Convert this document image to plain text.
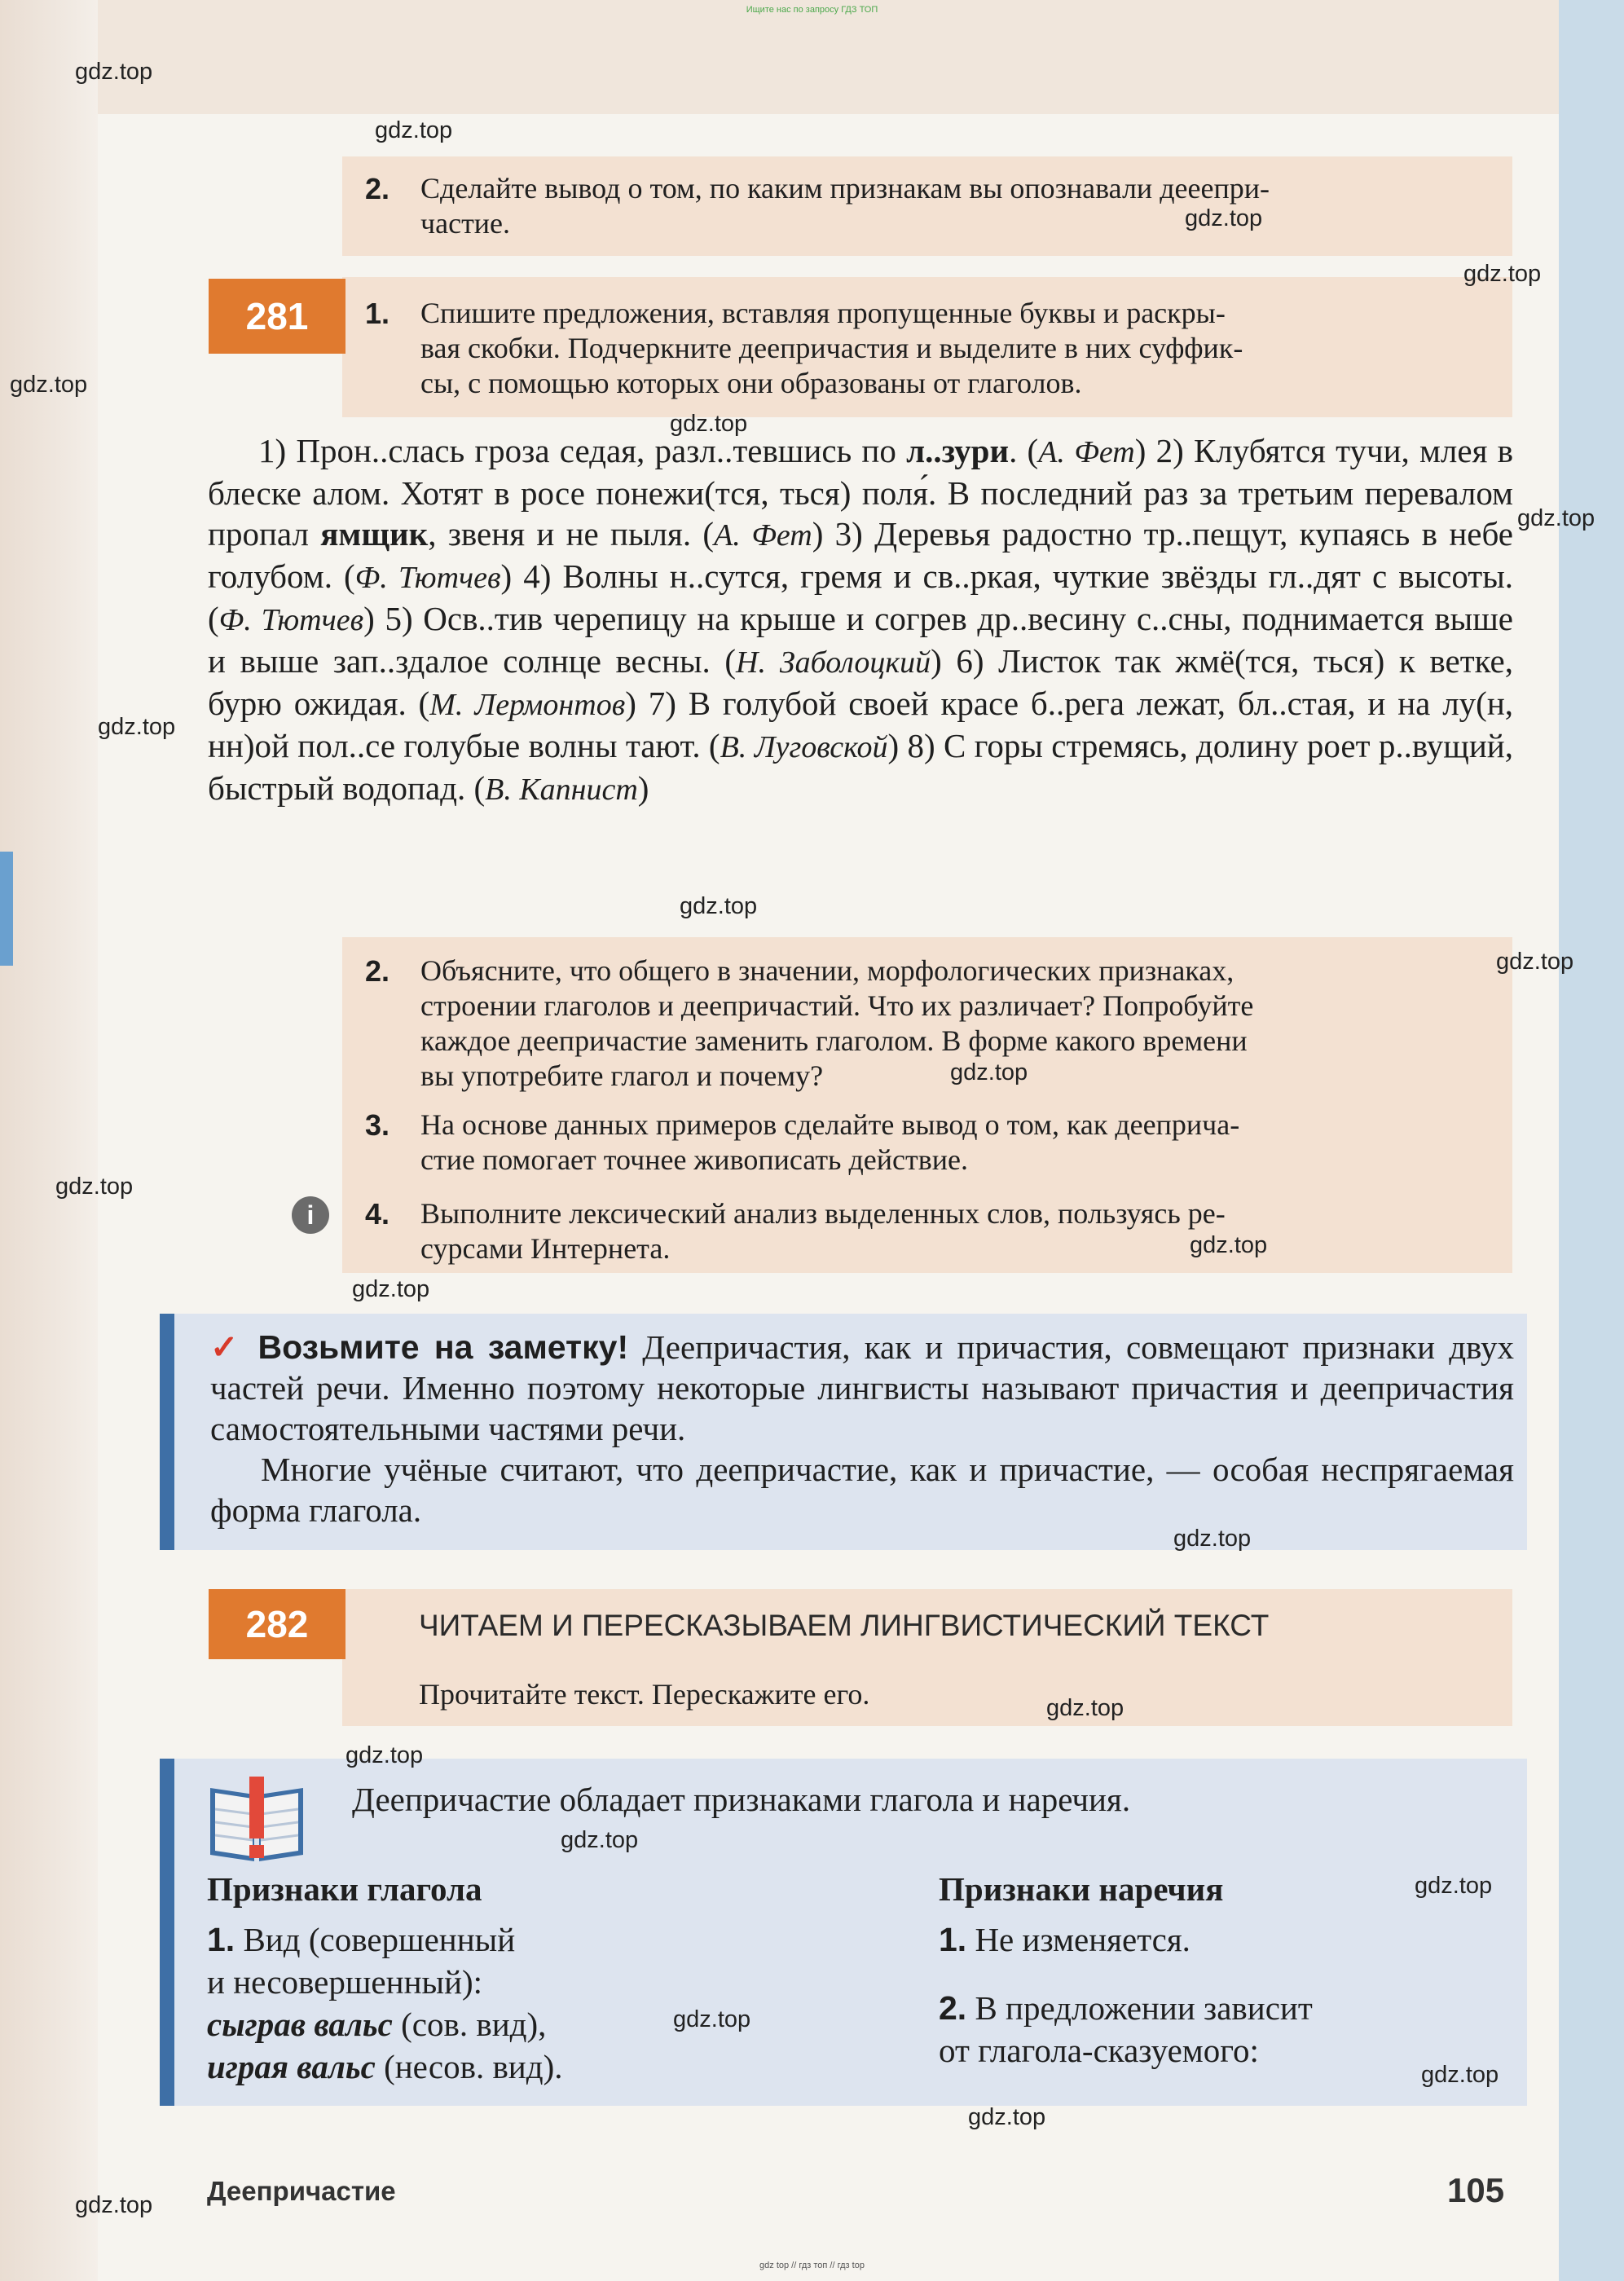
Ищите нас по запросу ГДЗ ТОП
2. Сделайте вывод о том, по каким признакам вы опознавали дееепри-
частие.
281	1. Спишите предложения, вставляя пропущенные буквы и раскры-
вая скобки. Подчеркните деепричастия и выделите в них суффик-
сы, с помощью которых они образованы от глаголов.

1) Прон..слась гроза седая, разл..тевшись по л..зури. (А. Фет) 2) Клубятся тучи, млея в блеске алом. Хотят в росе понежи(тся, ться) поля́. В последний раз за третьим перевалом пропал ямщик, звеня и не пыля. (А. Фет) 3) Деревья радостно тр..пещут, купаясь в небе голубом. (Ф. Тютчев) 4) Волны н..сутся, гремя и св..ркая, чуткие звёзды гл..дят с высоты. (Ф. Тютчев) 5) Осв..тив черепицу на крыше и согрев др..весину с..сны, поднимается выше и выше зап..здалое солнце весны. (Н. Заболоцкий) 6) Листок так жмё(тся, ться) к ветке, бурю ожидая. (М. Лермонтов) 7) В голубой своей красе б..рега лежат, бл..стая, и на лу(н, нн)ой пол..се голубые волны тают. (В. Луговской) 8) С горы стремясь, долину роет р..вущий, быстрый водопад. (В. Капнист)

2. Объясните, что общего в значении, морфологических признаках,
строении глаголов и деепричастий. Что их различает? Попробуйте
каждое деепричастие заменить глаголом. В форме какого времени
вы употребите глагол и почему?
3. На основе данных примеров сделайте вывод о том, как дееприча-
стие помогает точнее живописать действие.
i	4. Выполните лексический анализ выделенных слов, пользуясь ре-
сурсами Интернета.

✓ Возьмите на заметку! Деепричастия, как и причастия, совмещают признаки двух частей речи. Именно поэтому некоторые лингвисты называют причастия и деепричастия самостоятельными частями речи.

Многие учёные считают, что деепричастие, как и причастие, — особая неспрягаемая форма глагола.

282	ЧИТАЕМ И ПЕРЕСКАЗЫВАЕМ ЛИНГВИСТИЧЕСКИЙ ТЕКСТ
Прочитайте текст. Перескажите его.
Деепричастие обладает признаками глагола и наречия.
Признаки глагола

1. Вид (совершенный

и несовершенный):

сыграв вальс (сов. вид),

играя вальс (несов. вид).

Признаки наречия

1. Не изменяется.

2. В предложении зависит

от глагола-сказуемого:

Деепричастие	105
gdz top // гдз топ // гдз top
gdz.top
gdz.top
gdz.top
gdz.top
gdz.top
gdz.top
gdz.top
gdz.top
gdz.top
gdz.top
gdz.top
gdz.top
gdz.top
gdz.top
gdz.top
gdz.top
gdz.top
gdz.top
gdz.top
gdz.top
gdz.top
gdz.top
gdz.top
